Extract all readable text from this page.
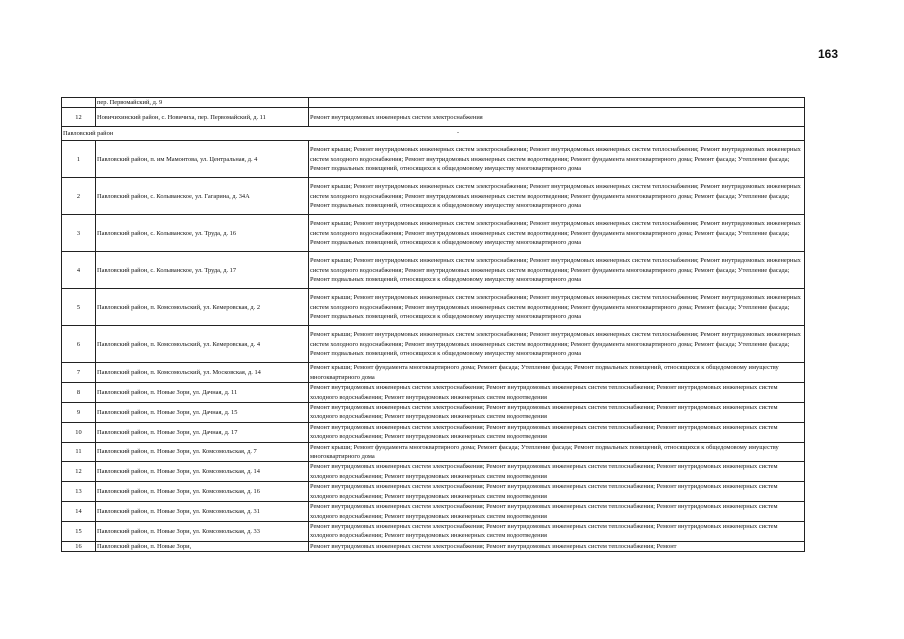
163
-
	пер. Первомайский, д. 9	
12	Новичихинский район, с. Новичиха, пер. Первомайский, д. 11	Ремонт внутридомовых инженерных систем электроснабжения
Павловский район		
1	Павловский район, п. им Мамонтова, ул. Центральная, д. 4	Ремонт крыши; Ремонт внутридомовых инженерных систем электроснабжения; Ремонт внутридомовых инженерных систем теплоснабжения; Ремонт внутридомовых инженерных систем холодного водоснабжения; Ремонт внутридомовых инженерных систем водоотведения; Ремонт фундамента многоквартирного дома; Ремонт фасада; Утепление фасада; Ремонт подвальных помещений, относящихся к общедомовому имуществу многоквартирного дома
2	Павловский район, с. Колыванское, ул. Гагарина, д. 34А	Ремонт крыши; Ремонт внутридомовых инженерных систем электроснабжения; Ремонт внутридомовых инженерных систем теплоснабжения; Ремонт внутридомовых инженерных систем холодного водоснабжения; Ремонт внутридомовых инженерных систем водоотведения; Ремонт фундамента многоквартирного дома; Ремонт фасада; Утепление фасада; Ремонт подвальных помещений, относящихся к общедомовому имуществу многоквартирного дома
3	Павловский район, с. Колыванское, ул. Труда, д. 16	Ремонт крыши; Ремонт внутридомовых инженерных систем электроснабжения; Ремонт внутридомовых инженерных систем теплоснабжения; Ремонт внутридомовых инженерных систем холодного водоснабжения; Ремонт внутридомовых инженерных систем водоотведения; Ремонт фундамента многоквартирного дома; Ремонт фасада; Утепление фасада; Ремонт подвальных помещений, относящихся к общедомовому имуществу многоквартирного дома
4	Павловский район, с. Колыванское, ул. Труда, д. 17	Ремонт крыши; Ремонт внутридомовых инженерных систем электроснабжения; Ремонт внутридомовых инженерных систем теплоснабжения; Ремонт внутридомовых инженерных систем холодного водоснабжения; Ремонт внутридомовых инженерных систем водоотведения; Ремонт фундамента многоквартирного дома; Ремонт фасада; Утепление фасада; Ремонт подвальных помещений, относящихся к общедомовому имуществу многоквартирного дома
5	Павловский район, п. Комсомольский, ул. Кемеровская, д. 2	Ремонт крыши; Ремонт внутридомовых инженерных систем электроснабжения; Ремонт внутридомовых инженерных систем теплоснабжения; Ремонт внутридомовых инженерных систем холодного водоснабжения; Ремонт внутридомовых инженерных систем водоотведения; Ремонт фундамента многоквартирного дома; Ремонт фасада; Утепление фасада; Ремонт подвальных помещений, относящихся к общедомовому имуществу многоквартирного дома
6	Павловский район, п. Комсомольский, ул. Кемеровская, д. 4	Ремонт крыши; Ремонт внутридомовых инженерных систем электроснабжения; Ремонт внутридомовых инженерных систем теплоснабжения; Ремонт внутридомовых инженерных систем холодного водоснабжения; Ремонт внутридомовых инженерных систем водоотведения; Ремонт фундамента многоквартирного дома; Ремонт фасада; Утепление фасада; Ремонт подвальных помещений, относящихся к общедомовому имуществу многоквартирного дома
7	Павловский район, п. Комсомольский, ул. Московская, д. 14	Ремонт крыши; Ремонт фундамента многоквартирного дома; Ремонт фасада; Утепление фасада; Ремонт подвальных помещений, относящихся к общедомовому имуществу многоквартирного дома
8	Павловский район, п. Новые Зори, ул. Дачная, д. 11	Ремонт внутридомовых инженерных систем электроснабжения; Ремонт внутридомовых инженерных систем теплоснабжения; Ремонт внутридомовых инженерных систем холодного водоснабжения; Ремонт внутридомовых инженерных систем водоотведения
9	Павловский район, п. Новые Зори, ул. Дачная, д. 15	Ремонт внутридомовых инженерных систем электроснабжения; Ремонт внутридомовых инженерных систем теплоснабжения; Ремонт внутридомовых инженерных систем холодного водоснабжения; Ремонт внутридомовых инженерных систем водоотведения
10	Павловский район, п. Новые Зори, ул. Дачная, д. 17	Ремонт внутридомовых инженерных систем электроснабжения; Ремонт внутридомовых инженерных систем теплоснабжения; Ремонт внутридомовых инженерных систем холодного водоснабжения; Ремонт внутридомовых инженерных систем водоотведения
11	Павловский район, п. Новые Зори, ул. Комсомольская, д. 7	Ремонт крыши; Ремонт фундамента многоквартирного дома; Ремонт фасада; Утепление фасада; Ремонт подвальных помещений, относящихся к общедомовому имуществу многоквартирного дома
12	Павловский район, п. Новые Зори, ул. Комсомольская, д. 14	Ремонт внутридомовых инженерных систем электроснабжения; Ремонт внутридомовых инженерных систем теплоснабжения; Ремонт внутридомовых инженерных систем холодного водоснабжения; Ремонт внутридомовых инженерных систем водоотведения
13	Павловский район, п. Новые Зори, ул. Комсомольская, д. 16	Ремонт внутридомовых инженерных систем электроснабжения; Ремонт внутридомовых инженерных систем теплоснабжения; Ремонт внутридомовых инженерных систем холодного водоснабжения; Ремонт внутридомовых инженерных систем водоотведения
14	Павловский район, п. Новые Зори, ул. Комсомольская, д. 31	Ремонт внутридомовых инженерных систем электроснабжения; Ремонт внутридомовых инженерных систем теплоснабжения; Ремонт внутридомовых инженерных систем холодного водоснабжения; Ремонт внутридомовых инженерных систем водоотведения
15	Павловский район, п. Новые Зори, ул. Комсомольская, д. 33	Ремонт внутридомовых инженерных систем электроснабжения; Ремонт внутридомовых инженерных систем теплоснабжения; Ремонт внутридомовых инженерных систем холодного водоснабжения; Ремонт внутридомовых инженерных систем водоотведения
16	Павловский район, п. Новые Зори,	Ремонт внутридомовых инженерных систем электроснабжения; Ремонт внутридомовых инженерных систем теплоснабжения; Ремонт
